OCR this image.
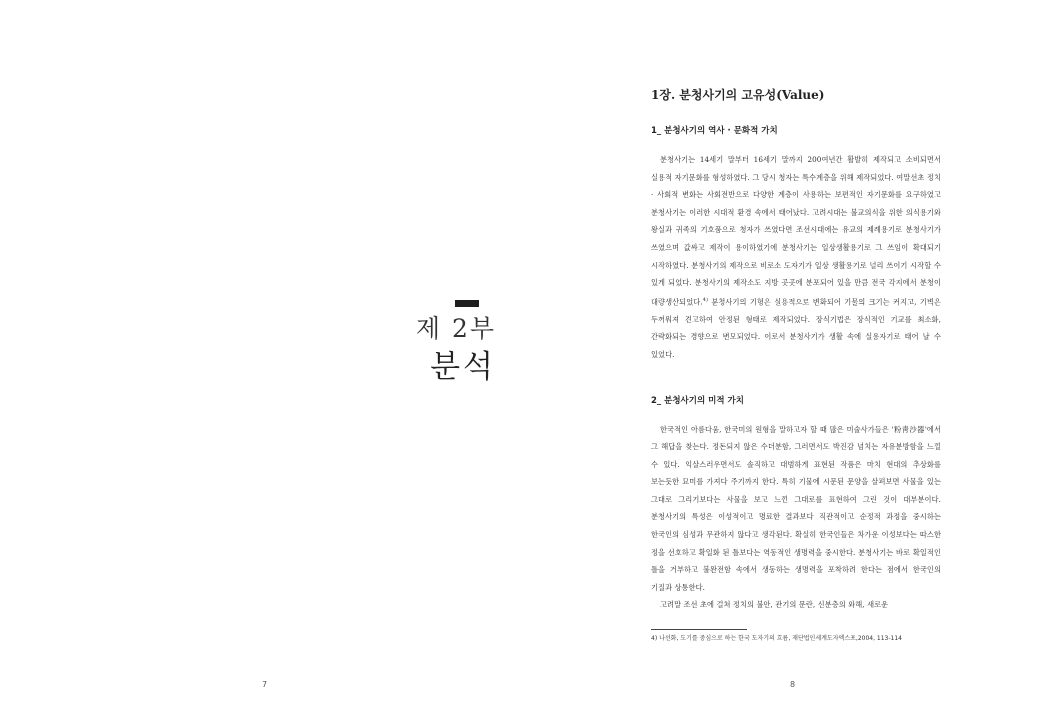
제 2부
분석
7
1장. 분청사기의 고유성(Value)
1_ 분청사기의 역사 · 문화적 가치

분청사기는 14세기 말부터 16세기 말까지 200여년간 활발히 제작되고 소비되면서 실용적 자기문화를 형성하였다. 그 당시 청자는 특수계층을 위해 제작되었다. 여말선초 정치 · 사회적 변화는 사회전반으로 다양한 계층이 사용하는 보편적인 자기문화를 요구하였고 분청사기는 이러한 시대적 환경 속에서 태어났다. 고려시대는 불교의식을 위한 의식용기와 왕실과 귀족의 기호품으로 청자가 쓰였다면 조선시대에는 유교의 제례용기로 분청사기가 쓰였으며 값싸고 제작이 용이하였기에 분청사기는 일상생활용기로 그 쓰임이 확대되기 시작하였다. 분청사기의 제작으로 비로소 도자기가 일상 생활용기로 널리 쓰이기 시작할 수 있게 되었다. 분청사기의 제작소도 지방 곳곳에 분포되어 있을 만큼 전국 각지에서 분청이 대량생산되었다.$^{4)}$ 분청사기의 기형은 실용적으로 변화되어 기물의 크기는 커지고, 기벽은 두꺼워져 견고하여 안정된 형태로 제작되었다. 장식기법은 장식적인 기교를 최소화, 간략화되는 경향으로 변모되었다. 이로서 분청사기가 생활 속에 실용자기로 태어 날 수 있었다.

2_ 분청사기의 미적 가치

한국적인 아름다움, 한국미의 원형을 말하고자 할 때 많은 미술사가들은 '粉靑沙器'에서 그 해답을 찾는다. 정돈되지 않은 수더분함, 그러면서도 박진감 넘치는 자유분방함을 느낄 수 있다. 익살스러우면서도 솔직하고 대범하게 표현된 작품은 마치 현대의 추상화를 보는듯한 묘미를 가져다 주기까지 한다. 특히 기물에 시문된 문양을 살펴보면 사물을 있는 그대로 그리기보다는 사물을 보고 느낀 그대로를 표현하여 그린 것이 대부분이다. 분청사기의 특성은 이성적이고 명료한 결과보다 직관적이고 순정적 과정을 중시하는 한국인의 심성과 무관하지 않다고 생각된다. 확실히 한국인들은 차가운 이성보다는 따스한 정을 선호하고 확일화 된 틀보다는 역동적인 생명력을 중시한다. 분청사기는 바로 확일적인 틀을 거부하고 불완전함 속에서 생동하는 생명력을 포착하려 한다는 점에서 한국인의 기질과 상통한다.

고려말 조선 초에 걸쳐 정치의 불안, 관기의 문란, 신분층의 와해, 새로운

4) 나선화, 도기를 중심으로 하는 한국 도자기의 흐름, 재단법인세계도자엑스포,2004, 113-114

8
